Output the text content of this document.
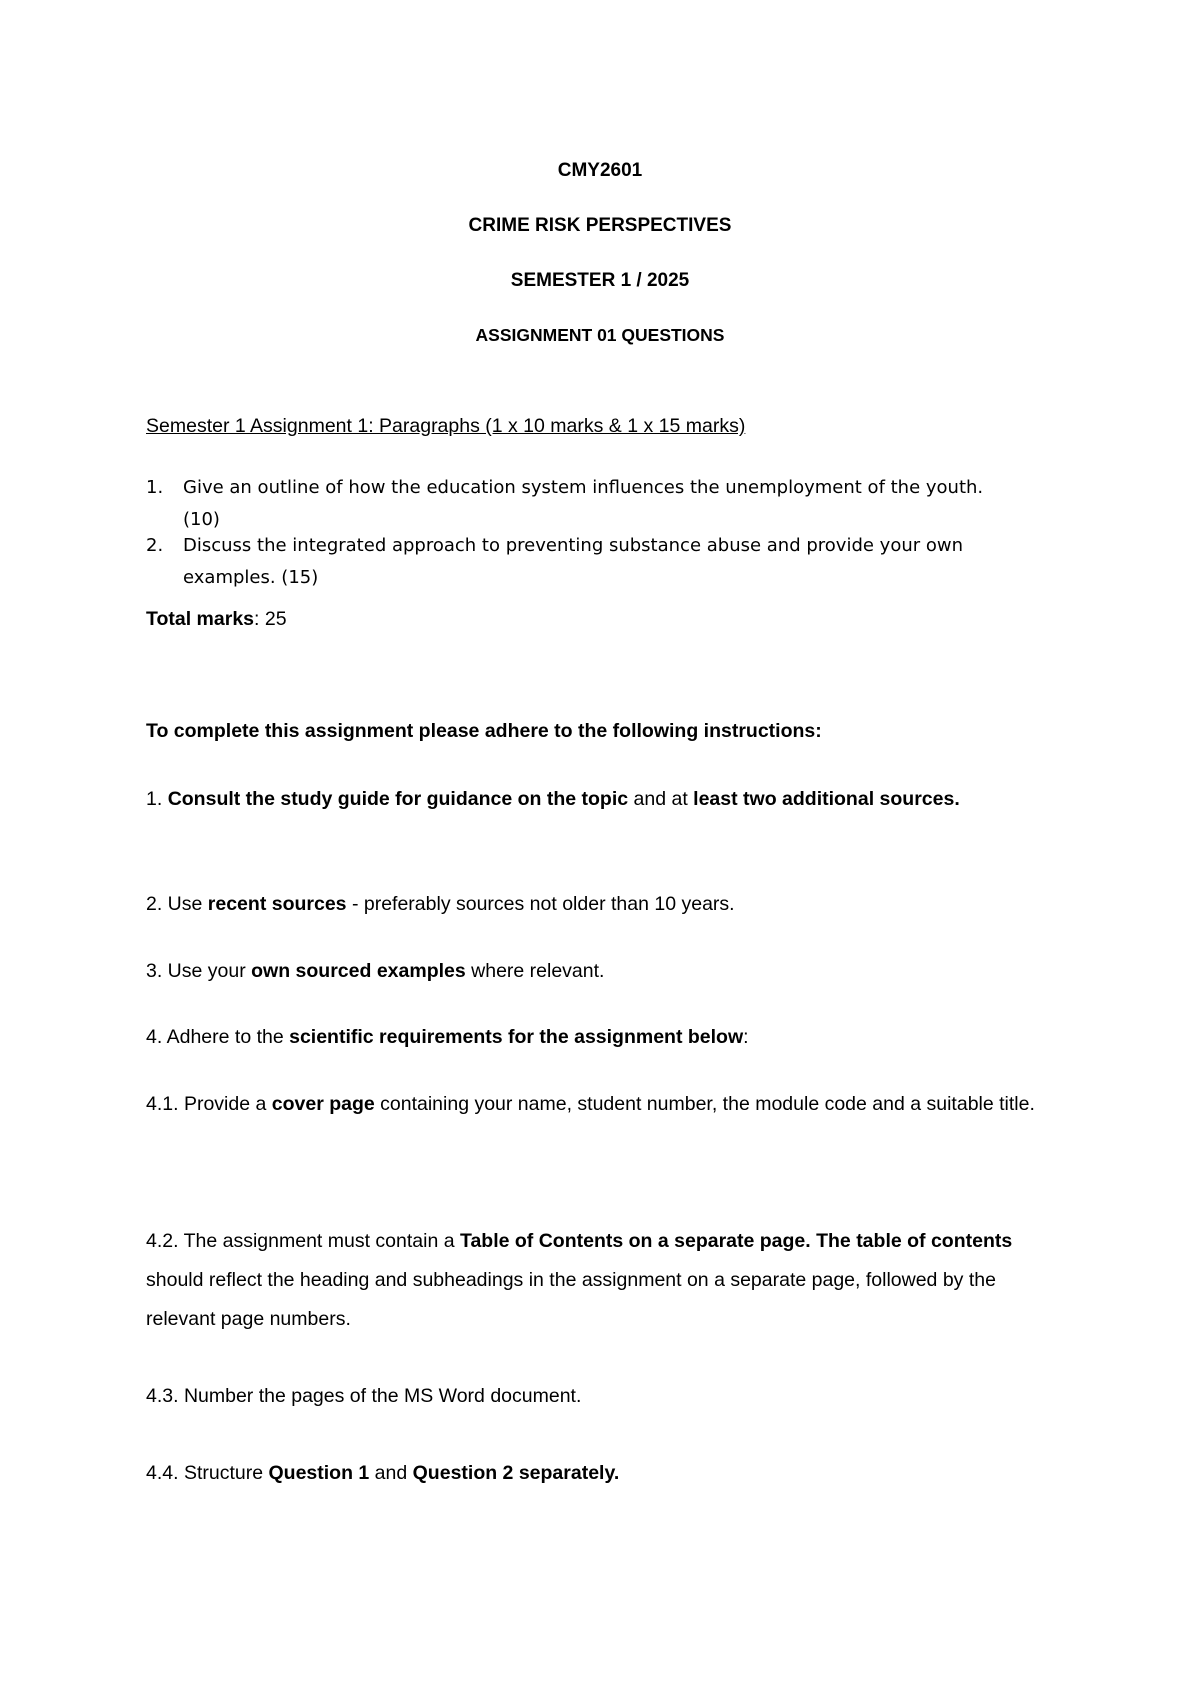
CMY2601
CRIME RISK PERSPECTIVES
SEMESTER 1 / 2025
ASSIGNMENT 01 QUESTIONS
Semester 1 Assignment 1: Paragraphs (1 x 10 marks & 1 x 15 marks)
1. Give an outline of how the education system influences the unemployment of the youth.
(10)
2. Discuss the integrated approach to preventing substance abuse and provide your own
examples. (15)
Total marks: 25
To complete this assignment please adhere to the following instructions:
1. Consult the study guide for guidance on the topic and at least two additional sources.
2. Use recent sources - preferably sources not older than 10 years.
3. Use your own sourced examples where relevant.
4. Adhere to the scientific requirements for the assignment below:
4.1. Provide a cover page containing your name, student number, the module code and a suitable title.
4.2. The assignment must contain a Table of Contents on a separate page. The table of contents should reflect the heading and subheadings in the assignment on a separate page, followed by the relevant page numbers.
4.3. Number the pages of the MS Word document.
4.4. Structure Question 1 and Question 2 separately.
